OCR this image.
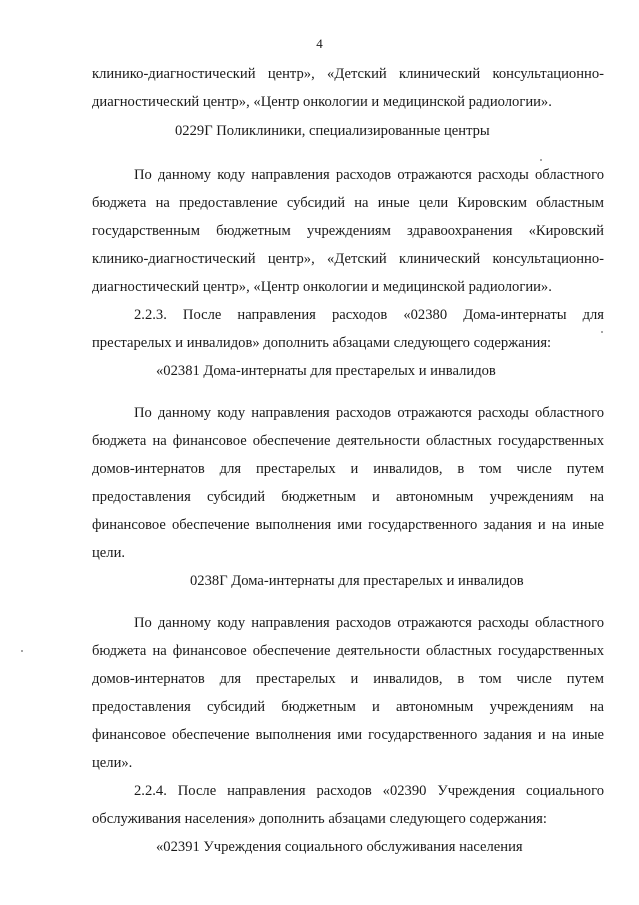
4

клинико-диагностический центр», «Детский клинический консультационно-

диагностический центр», «Центр онкологии и медицинской радиологии».

0229Г Поликлиники, специализированные центры

По данному коду направления расходов отражаются расходы областного

бюджета на предоставление субсидий на иные цели Кировским областным

государственным бюджетным учреждениям здравоохранения «Кировский

клинико-диагностический центр», «Детский клинический консультационно-

диагностический центр», «Центр онкологии и медицинской радиологии».

2.2.3. После направления расходов «02380 Дома-интернаты для

престарелых и инвалидов» дополнить абзацами следующего содержания:

«02381 Дома-интернаты для престарелых и инвалидов

По данному коду направления расходов отражаются расходы областного

бюджета на финансовое обеспечение деятельности областных государственных

домов-интернатов для престарелых и инвалидов, в том числе путем

предоставления субсидий бюджетным и автономным учреждениям на

финансовое обеспечение выполнения ими государственного задания и на иные

цели.

0238Г Дома-интернаты для престарелых и инвалидов

По данному коду направления расходов отражаются расходы областного

бюджета на финансовое обеспечение деятельности областных государственных

домов-интернатов для престарелых и инвалидов, в том числе путем

предоставления субсидий бюджетным и автономным учреждениям на

финансовое обеспечение выполнения ими государственного задания и на иные

цели».

2.2.4. После направления расходов «02390 Учреждения социального

обслуживания населения» дополнить абзацами следующего содержания:

«02391 Учреждения социального обслуживания населения
